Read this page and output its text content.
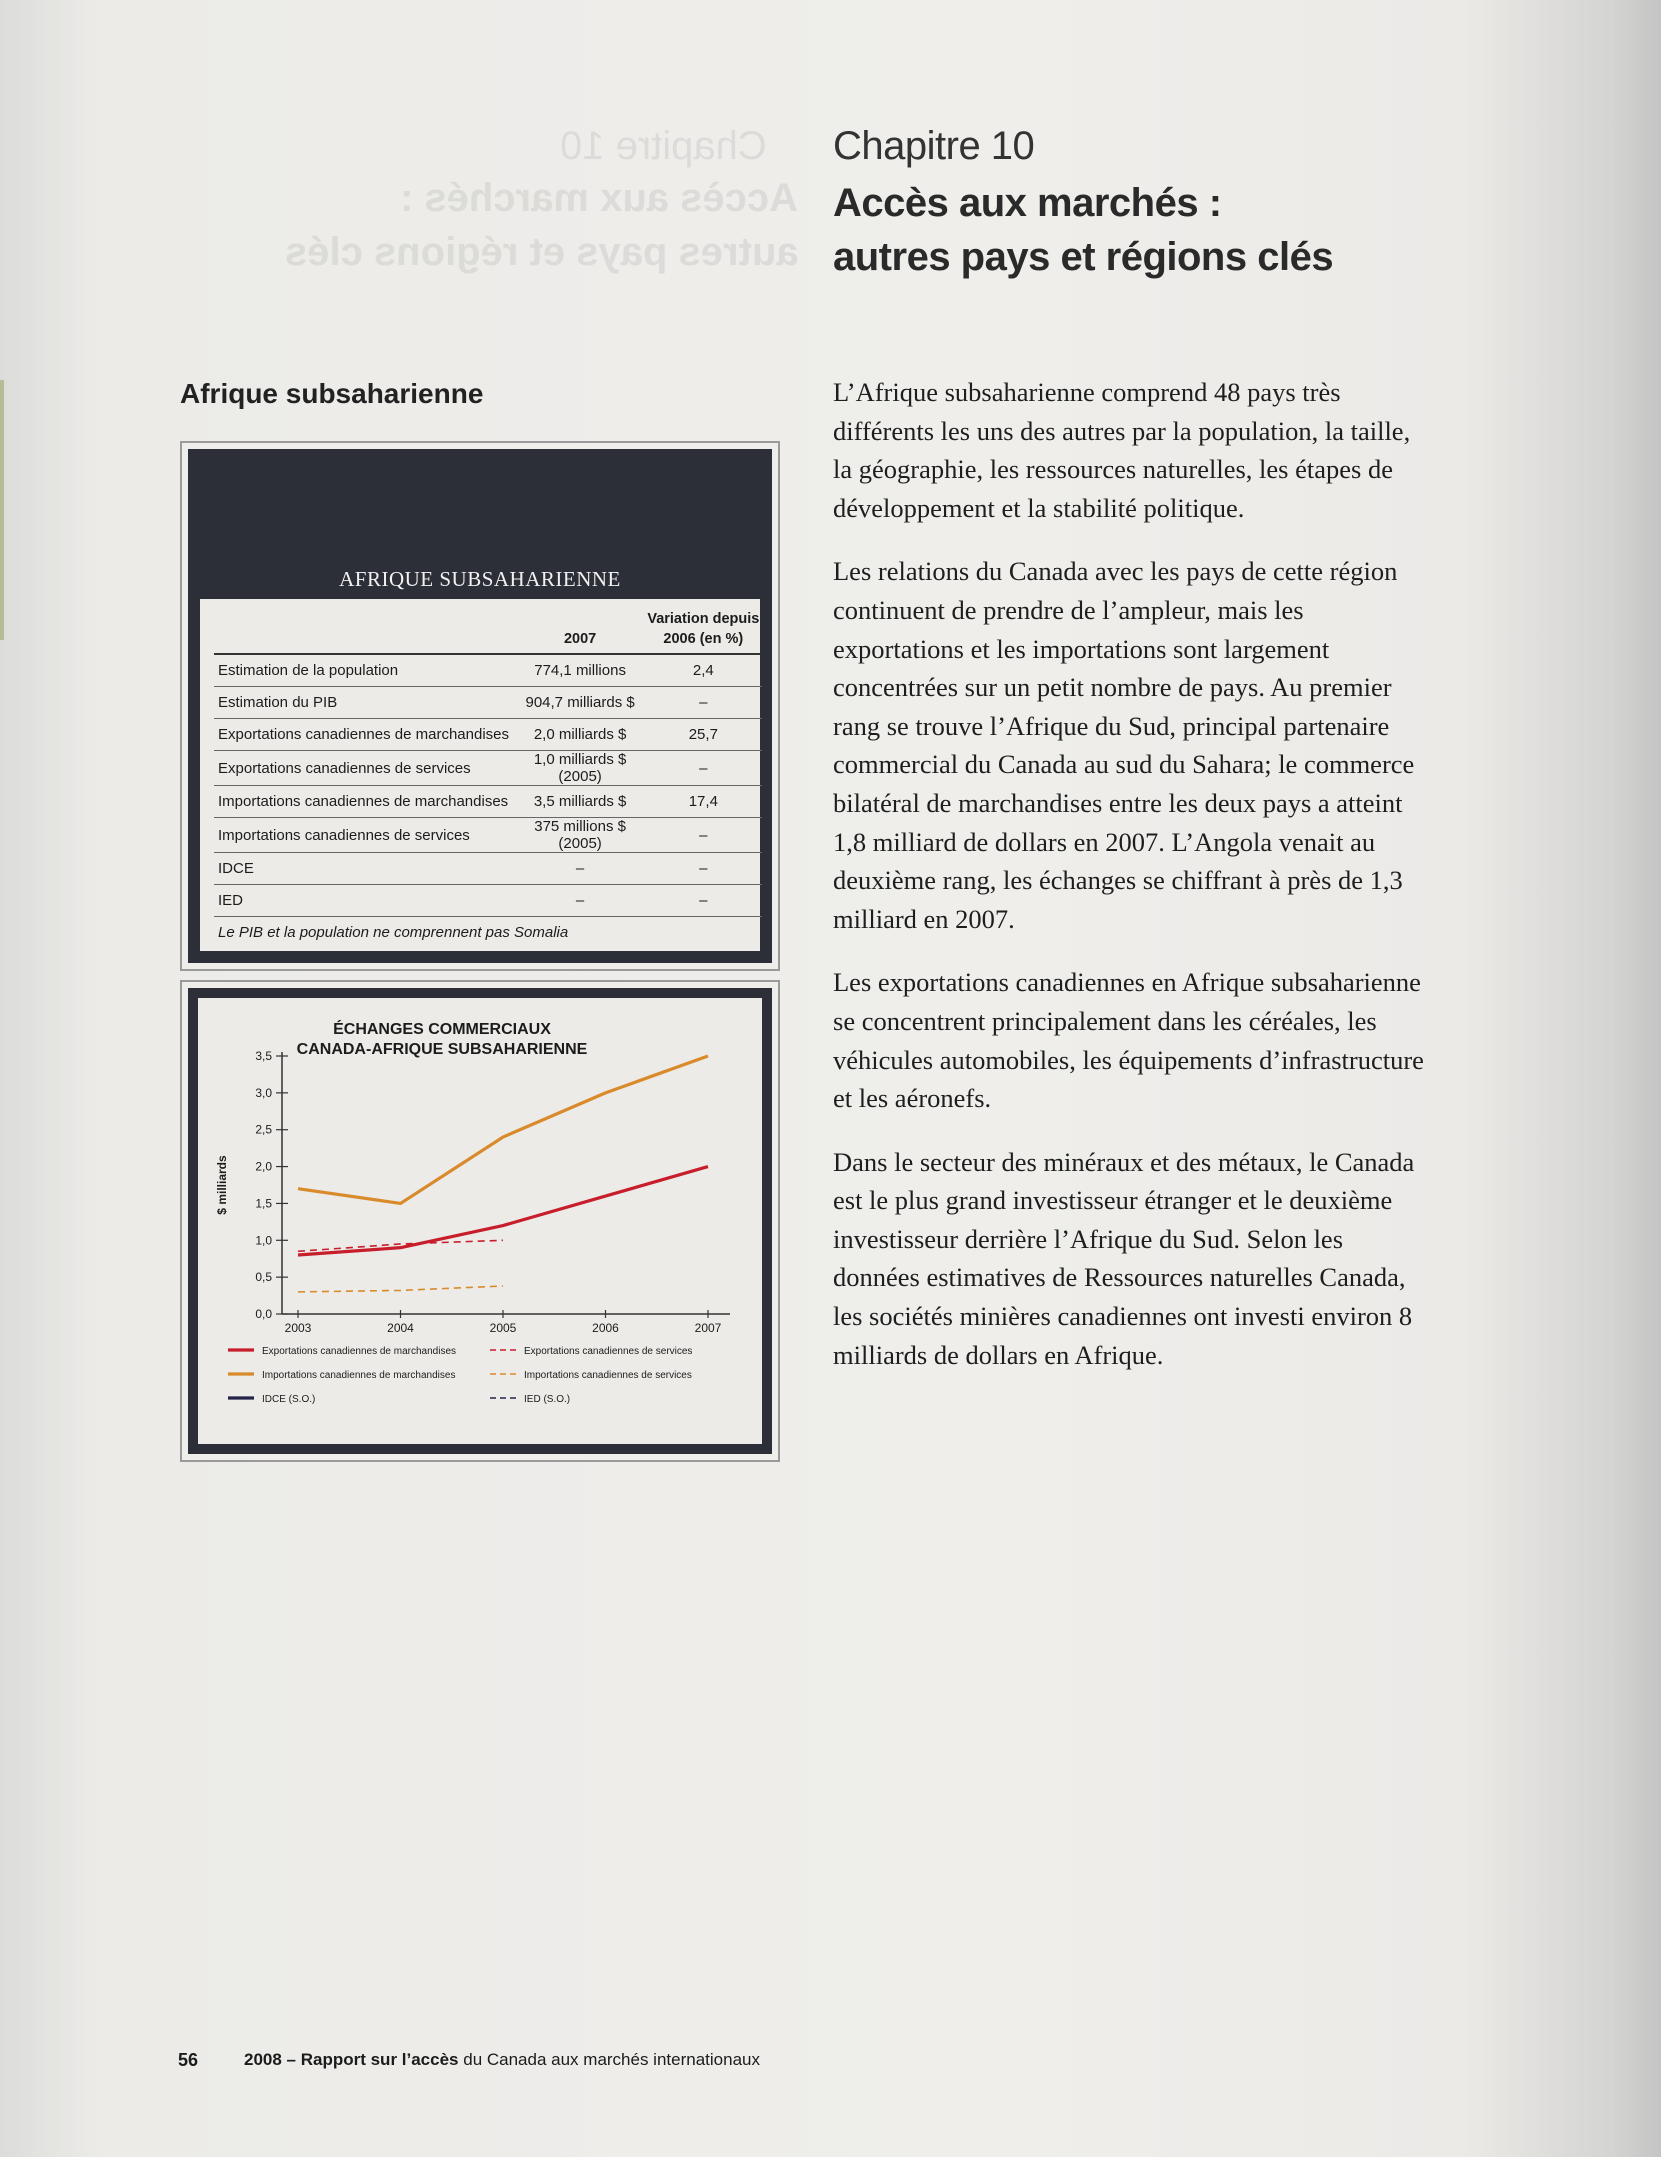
Chapitre 10
Accès aux marchés :
autres pays et régions clés
Chapitre 10
Accès aux marchés :
autres pays et régions clés
Afrique subsaharienne	L’Afrique subsaharienne comprend 48 pays très différents les uns des autres par la population, la taille, la géographie, les ressources naturelles, les étapes de développement et la stabilité politique.

Les relations du Canada avec les pays de cette région continuent de prendre de l’ampleur, mais les exportations et les importations sont largement concentrées sur un petit nombre de pays. Au premier rang se trouve l’Afrique du Sud, principal partenaire commercial du Canada au sud du Sahara; le commerce bilatéral de marchandises entre les deux pays a atteint 1,8 milliard de dollars en 2007. L’Angola venait au deuxième rang, les échanges se chiffrant à près de 1,3 milliard en 2007.

Les exportations canadiennes en Afrique subsaharienne se concentrent principalement dans les céréales, les véhicules automobiles, les équipements d’infrastructure et les aéronefs.

Dans le secteur des minéraux et des métaux, le Canada est le plus grand investisseur étranger et le deuxième investisseur derrière l’Afrique du Sud. Selon les données estimatives de Ressources naturelles Canada, les sociétés minières canadiennes ont investi environ 8 milliards de dollars en Afrique.

AFRIQUE SUBSAHARIENNE
	2007	Variation depuis
2006 (en %)
Estimation de la population	774,1 millions	2,4
Estimation du PIB	904,7 milliards $	–
Exportations canadiennes de marchandises	2,0 milliards $	25,7
Exportations canadiennes de services	1,0 milliards $ (2005)	–
Importations canadiennes de marchandises	3,5 milliards $	17,4
Importations canadiennes de services	375 millions $ (2005)	–
IDCE	–	–
IED	–	–
Le PIB et la population ne comprennent pas Somalia
ÉCHANGES COMMERCIAUX
CANADA-AFRIQUE SUBSAHARIENNE
0,0
0,5
1,0
1,5
2,0
2,5
3,0
3,5
$ milliards
2003	2004	2005	2006	2007
Exportations canadiennes de marchandises	Exportations canadiennes de services
Importations canadiennes de marchandises	Importations canadiennes de services
IDCE (S.O.)	IED (S.O.)
56	2008 – Rapport sur l’accès du Canada aux marchés internationaux
